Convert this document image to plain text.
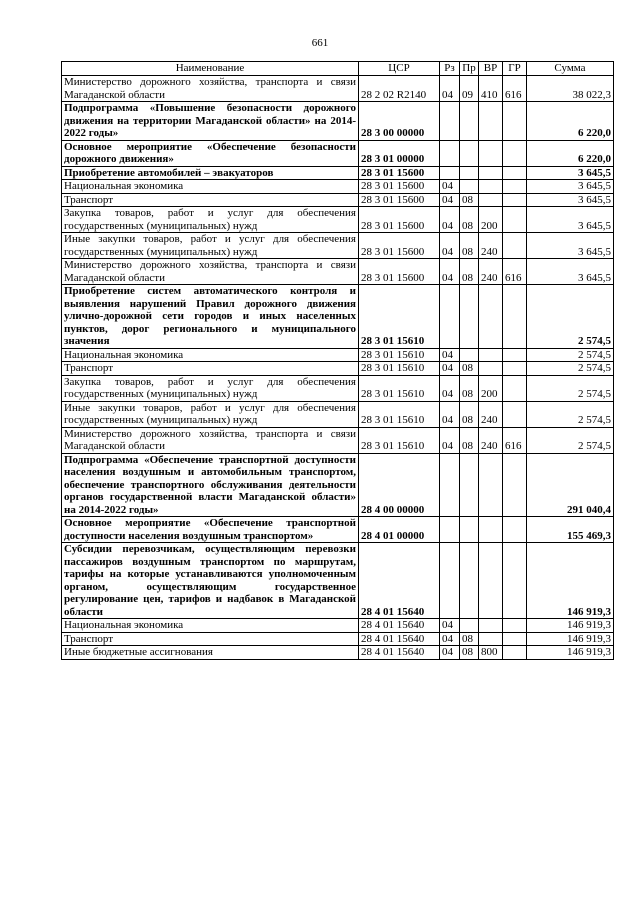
661
Наименование	ЦСР	Рз	Пр	ВР	ГР	Сумма
Министерство дорожного хозяйства, транспорта и связи Магаданской области	28 2 02 R2140	04	09	410	616	38 022,3
Подпрограмма «Повышение безопасности дорожного движения на территории Магаданской области» на 2014-2022 годы»	28 3 00 00000					6 220,0
Основное мероприятие «Обеспечение безопасности дорожного движения»	28 3 01 00000					6 220,0
Приобретение автомобилей – эвакуаторов	28 3 01 15600					3 645,5
Национальная экономика	28 3 01 15600	04				3 645,5
Транспорт	28 3 01 15600	04	08			3 645,5
Закупка товаров, работ и услуг для обеспечения государственных (муниципальных) нужд	28 3 01 15600	04	08	200		3 645,5
Иные закупки товаров, работ и услуг для обеспечения государственных (муниципальных) нужд	28 3 01 15600	04	08	240		3 645,5
Министерство дорожного хозяйства, транспорта и связи Магаданской области	28 3 01 15600	04	08	240	616	3 645,5
Приобретение систем автоматического контроля и выявления нарушений Правил дорожного движения улично-дорожной сети городов и иных населенных пунктов, дорог регионального и муниципального значения	28 3 01 15610					2 574,5
Национальная экономика	28 3 01 15610	04				2 574,5
Транспорт	28 3 01 15610	04	08			2 574,5
Закупка товаров, работ и услуг для обеспечения государственных (муниципальных) нужд	28 3 01 15610	04	08	200		2 574,5
Иные закупки товаров, работ и услуг для обеспечения государственных (муниципальных) нужд	28 3 01 15610	04	08	240		2 574,5
Министерство дорожного хозяйства, транспорта и связи Магаданской области	28 3 01 15610	04	08	240	616	2 574,5
Подпрограмма «Обеспечение транспортной доступности населения воздушным и автомобильным транспортом, обеспечение транспортного обслуживания деятельности органов государственной власти Магаданской области» на 2014-2022 годы»	28 4 00 00000					291 040,4
Основное мероприятие «Обеспечение транспортной доступности населения воздушным транспортом»	28 4 01 00000					155 469,3
Субсидии перевозчикам, осуществляющим перевозки пассажиров воздушным транспортом по маршрутам, тарифы на которые устанавливаются уполномоченным органом, осуществляющим государственное регулирование цен, тарифов и надбавок в Магаданской области	28 4 01 15640					146 919,3
Национальная экономика	28 4 01 15640	04				146 919,3
Транспорт	28 4 01 15640	04	08			146 919,3
Иные бюджетные ассигнования	28 4 01 15640	04	08	800		146 919,3
